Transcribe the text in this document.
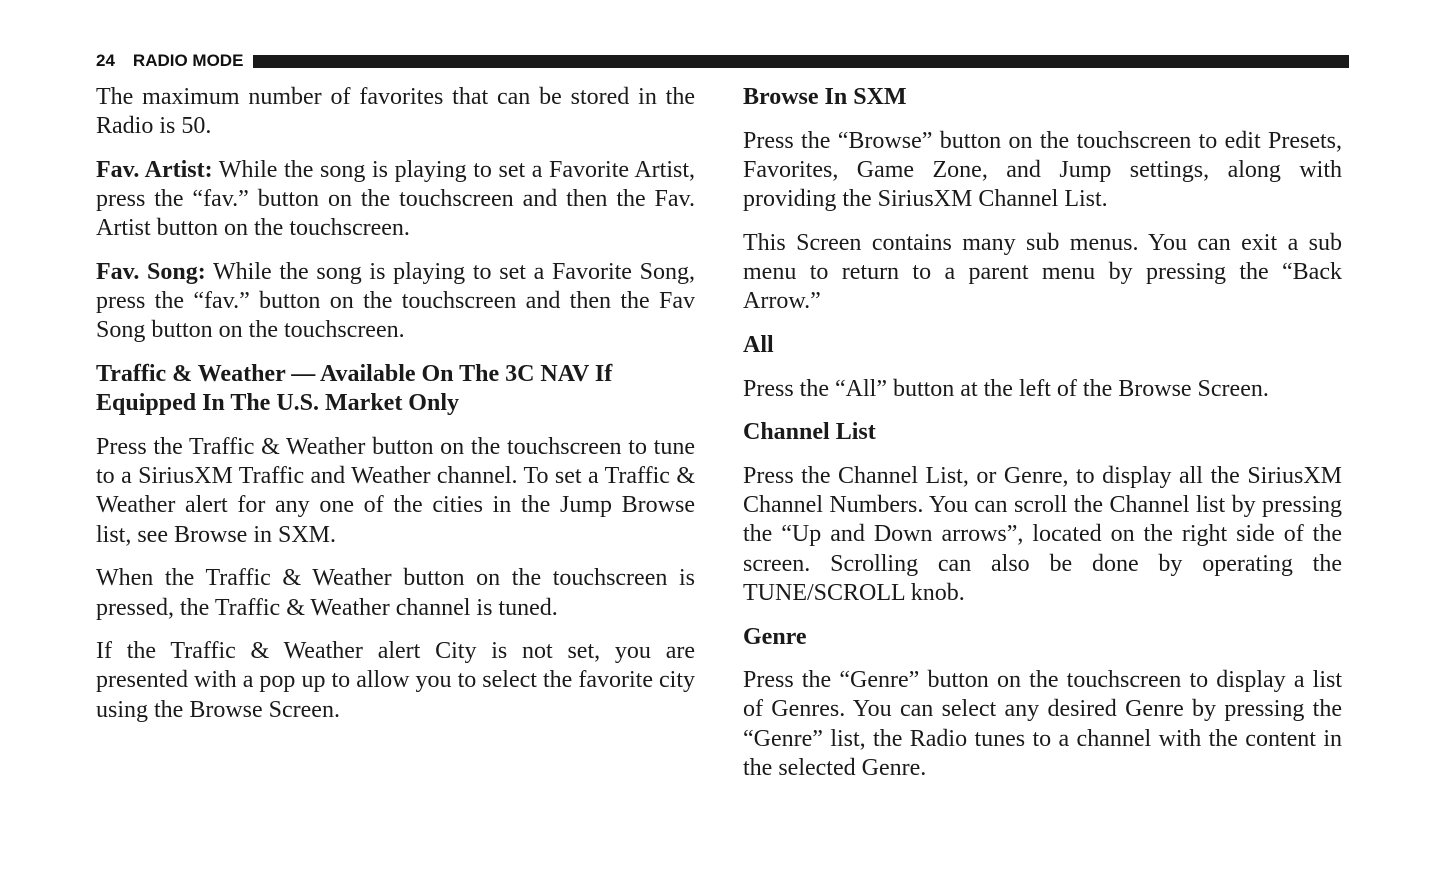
24 RADIO MODE

The maximum number of favorites that can be stored in the Radio is 50.

Fav. Artist: While the song is playing to set a Favorite Artist, press the “fav.” button on the touchscreen and then the Fav. Artist button on the touchscreen.

Fav. Song: While the song is playing to set a Favorite Song, press the “fav.” button on the touchscreen and then the Fav Song button on the touchscreen.

Traffic & Weather — Available On The 3C NAV If Equipped In The U.S. Market Only

Press the Traffic & Weather button on the touchscreen to tune to a SiriusXM Traffic and Weather channel. To set a Traffic & Weather alert for any one of the cities in the Jump Browse list, see Browse in SXM.

When the Traffic & Weather button on the touchscreen is pressed, the Traffic & Weather channel is tuned.

If the Traffic & Weather alert City is not set, you are presented with a pop up to allow you to select the favorite city using the Browse Screen.

Browse In SXM

Press the “Browse” button on the touchscreen to edit Presets, Favorites, Game Zone, and Jump settings, along with providing the SiriusXM Channel List.

This Screen contains many sub menus. You can exit a sub menu to return to a parent menu by pressing the “Back Arrow.”

All

Press the “All” button at the left of the Browse Screen.

Channel List

Press the Channel List, or Genre, to display all the SiriusXM Channel Numbers. You can scroll the Channel list by pressing the “Up and Down arrows”, located on the right side of the screen. Scrolling can also be done by operating the TUNE/SCROLL knob.

Genre

Press the “Genre” button on the touchscreen to display a list of Genres. You can select any desired Genre by pressing the “Genre” list, the Radio tunes to a channel with the content in the selected Genre.
